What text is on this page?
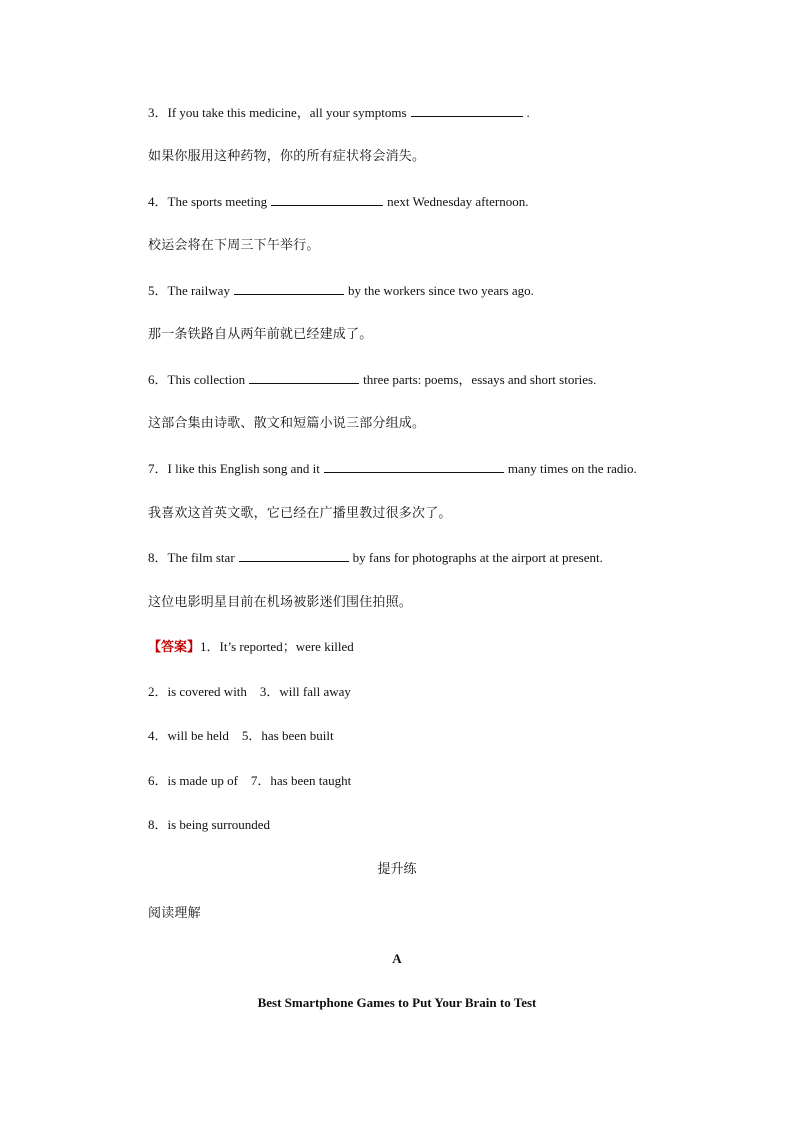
3．If you take this medicine，all your symptoms	.
如果你服用这种药物，你的所有症状将会消失。
4．The sports meeting	next Wednesday afternoon.
校运会将在下周三下午举行。
5．The railway	by the workers since two years ago.
那一条铁路自从两年前就已经建成了。
6．This collection	three parts: poems，essays and short stories.
这部合集由诗歌、散文和短篇小说三部分组成。
7．I like this English song and it	many times on the radio.
我喜欢这首英文歌，它已经在广播里教过很多次了。
8．The film star	by fans for photographs at the airport at present.
这位电影明星目前在机场被影迷们围住拍照。
【答案】1．It’s reported；were killed
2．is covered with　3．will fall away
4．will be held　5．has been built
6．is made up of　7．has been taught
8．is being surrounded
提升练
阅读理解
A
Best Smartphone Games to Put Your Brain to Test
